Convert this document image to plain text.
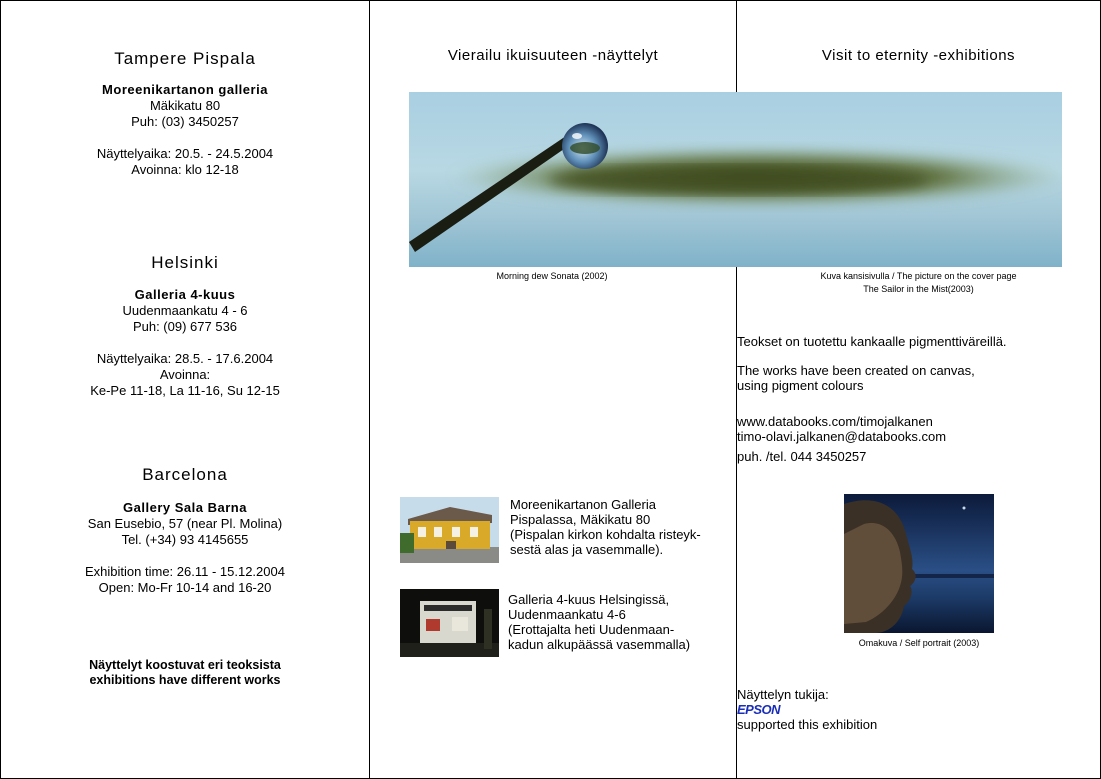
Tampere Pispala
Moreenikartanon galleria
Mäkikatu 80
Puh: (03) 3450257
Näyttelyaika: 20.5. - 24.5.2004
Avoinna: klo 12-18
Helsinki
Galleria 4-kuus
Uudenmaankatu 4 - 6
Puh: (09) 677 536
Näyttelyaika: 28.5. - 17.6.2004
Avoinna:
Ke-Pe 11-18, La 11-16, Su 12-15
Barcelona
Gallery Sala Barna
San Eusebio, 57 (near Pl. Molina)
Tel. (+34) 93 4145655
Exhibition time: 26.11 - 15.12.2004
Open: Mo-Fr 10-14 and 16-20
Näyttelyt koostuvat eri teoksista
exhibitions have different works
Vierailu ikuisuuteen -näyttelyt	Visit to eternity -exhibitions
Morning dew Sonata (2002)	Kuva kansisivulla / The picture on the cover page
The Sailor in the Mist(2003)
Moreenikartanon Galleria
Pispalassa, Mäkikatu 80
(Pispalan kirkon kohdalta risteyk-
sestä alas ja vasemmalle).
Galleria 4-kuus Helsingissä,
Uudenmaankatu 4-6
(Erottajalta heti Uudenmaan-
kadun alkupäässä vasemmalla)
Teokset on tuotettu kankaalle pigmenttiväreillä.
The works have been created on canvas,
using pigment colours
www.databooks.com/timojalkanen
timo-olavi.jalkanen@databooks.com
puh. /tel. 044 3450257
Omakuva / Self portrait (2003)
Näyttelyn tukija:
EPSON
supported this exhibition
